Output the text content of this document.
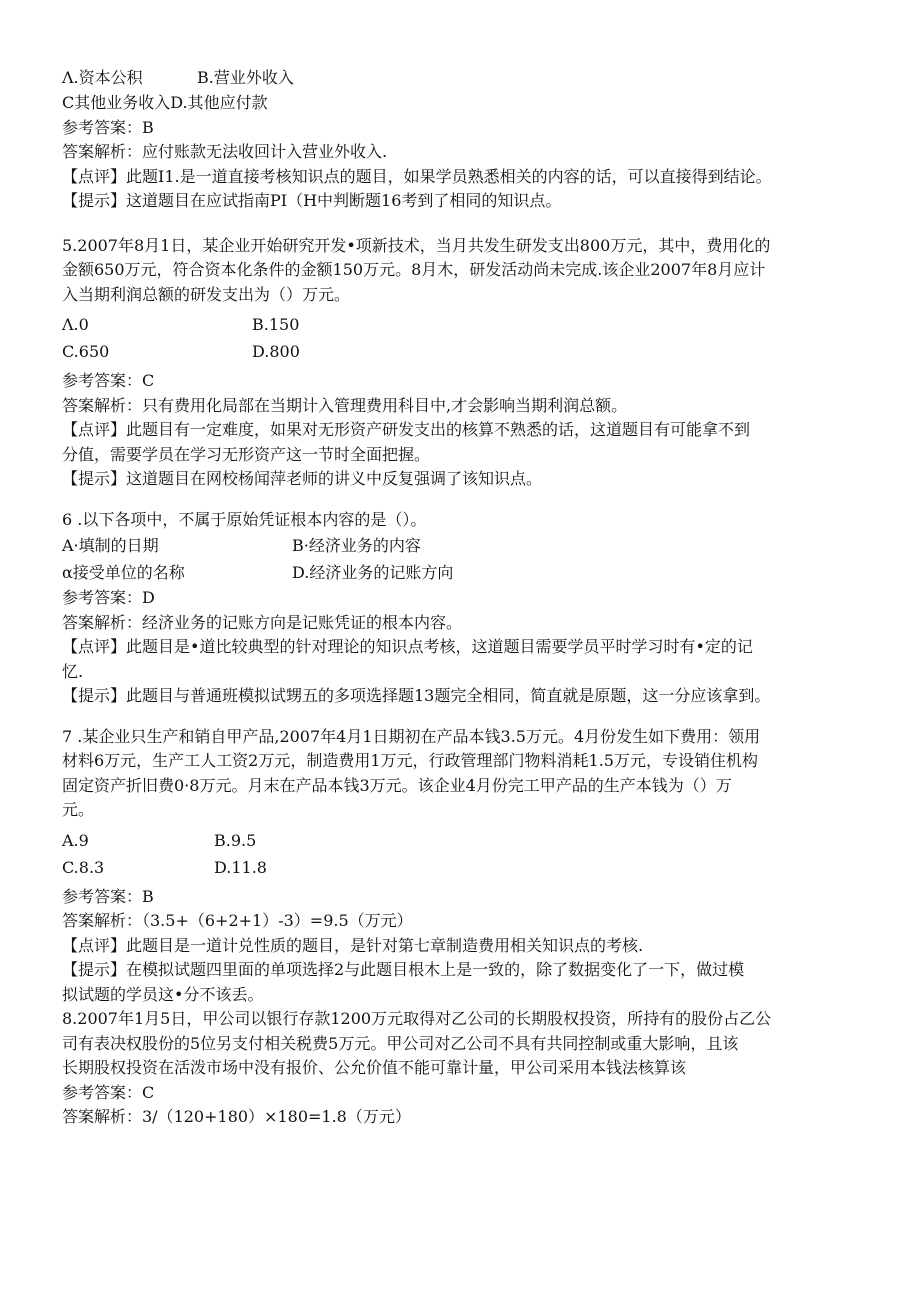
Λ.资本公积	B.营业外收入
C其他业务收入D.其他应付款
参考答案：B
答案解析：应付账款无法收回计入营业外收入.
【点评】此题I1.是一道直接考核知识点的题目，如果学员熟悉相关的内容的话，可以直接得到结论。
【提示】这道题目在应试指南PI（H中判断题16考到了相同的知识点。
5.2007年8月1日，某企业开始研究开发•项新技术，当月共发生研发支出800万元，其中，费用化的
金额650万元，符合资本化条件的金额150万元。8月木，研发活动尚未完成.该企业2007年8月应计
入当期利润总额的研发支出为（）万元。
Λ.0	B.150
C.650	D.800
参考答案：C
答案解析：只有费用化局部在当期计入管理费用科目中,才会影响当期利润总额。
【点评】此题目有一定难度，如果对无形资产研发支出的核算不熟悉的话，这道题目有可能拿不到
分值，需要学员在学习无形资产这一节时全面把握。
【提示】这道题目在网校杨闻萍老师的讲义中反复强调了该知识点。
6 .以下各项中，不属于原始凭证根本内容的是（）。
A·填制的日期	B·经济业务的内容
α接受单位的名称	D.经济业务的记账方向
参考答案：D
答案解析：经济业务的记账方向是记账凭证的根本内容。
【点评】此题目是•道比较典型的针对理论的知识点考核，这道题目需要学员平时学习时有•定的记
忆.
【提示】此题目与普通班模拟试甥五的多项选择题13题完全相同，简直就是原题，这一分应该拿到。
7 .某企业只生产和销自甲产品,2007年4月1日期初在产品本钱3.5万元。4月份发生如下费用：领用
材料6万元，生产工人工资2万元，制造费用1万元，行政管理部门物料消耗1.5万元，专设销住机构
固定资产折旧费0·8万元。月末在产品本钱3万元。该企业4月份完工甲产品的生产本钱为（）万
元。
A.9	B.9.5
C.8.3	D.11.8
参考答案：B
答案解析：（3.5+（6+2+1）-3）=9.5（万元）
【点评】此题目是一道计兑性质的题目，是针对第七章制造费用相关知识点的考核.
【提示】在模拟试题四里面的单项选择2与此题目根木上是一致的，除了数据变化了一下，做过模
拟试题的学员这•分不该丢。
8.2007年1月5日，甲公司以银行存款1200万元取得对乙公司的长期股权投资，所持有的股份占乙公
司有表决权股份的5位另支付相关税费5万元。甲公司对乙公司不具有共同控制或重大影响，且该
长期股权投资在活泼市场中没有报价、公允价值不能可靠计量，甲公司采用本钱法核算该
参考答案：C
答案解析：3/（120+180）×180=1.8（万元）
